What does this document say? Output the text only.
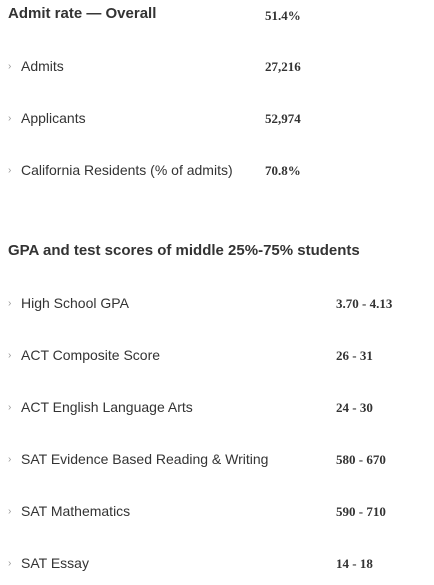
Admit rate — Overall	51.4%
› Admits	27,216
› Applicants	52,974
› California Residents (% of admits) 70.8%
GPA and test scores of middle 25%-75% students
› High School GPA	3.70 - 4.13
› ACT Composite Score	26 - 31
› ACT English Language Arts	24 - 30
› SAT Evidence Based Reading & Writing	580 - 670
› SAT Mathematics	590 - 710
› SAT Essay	14 - 18
